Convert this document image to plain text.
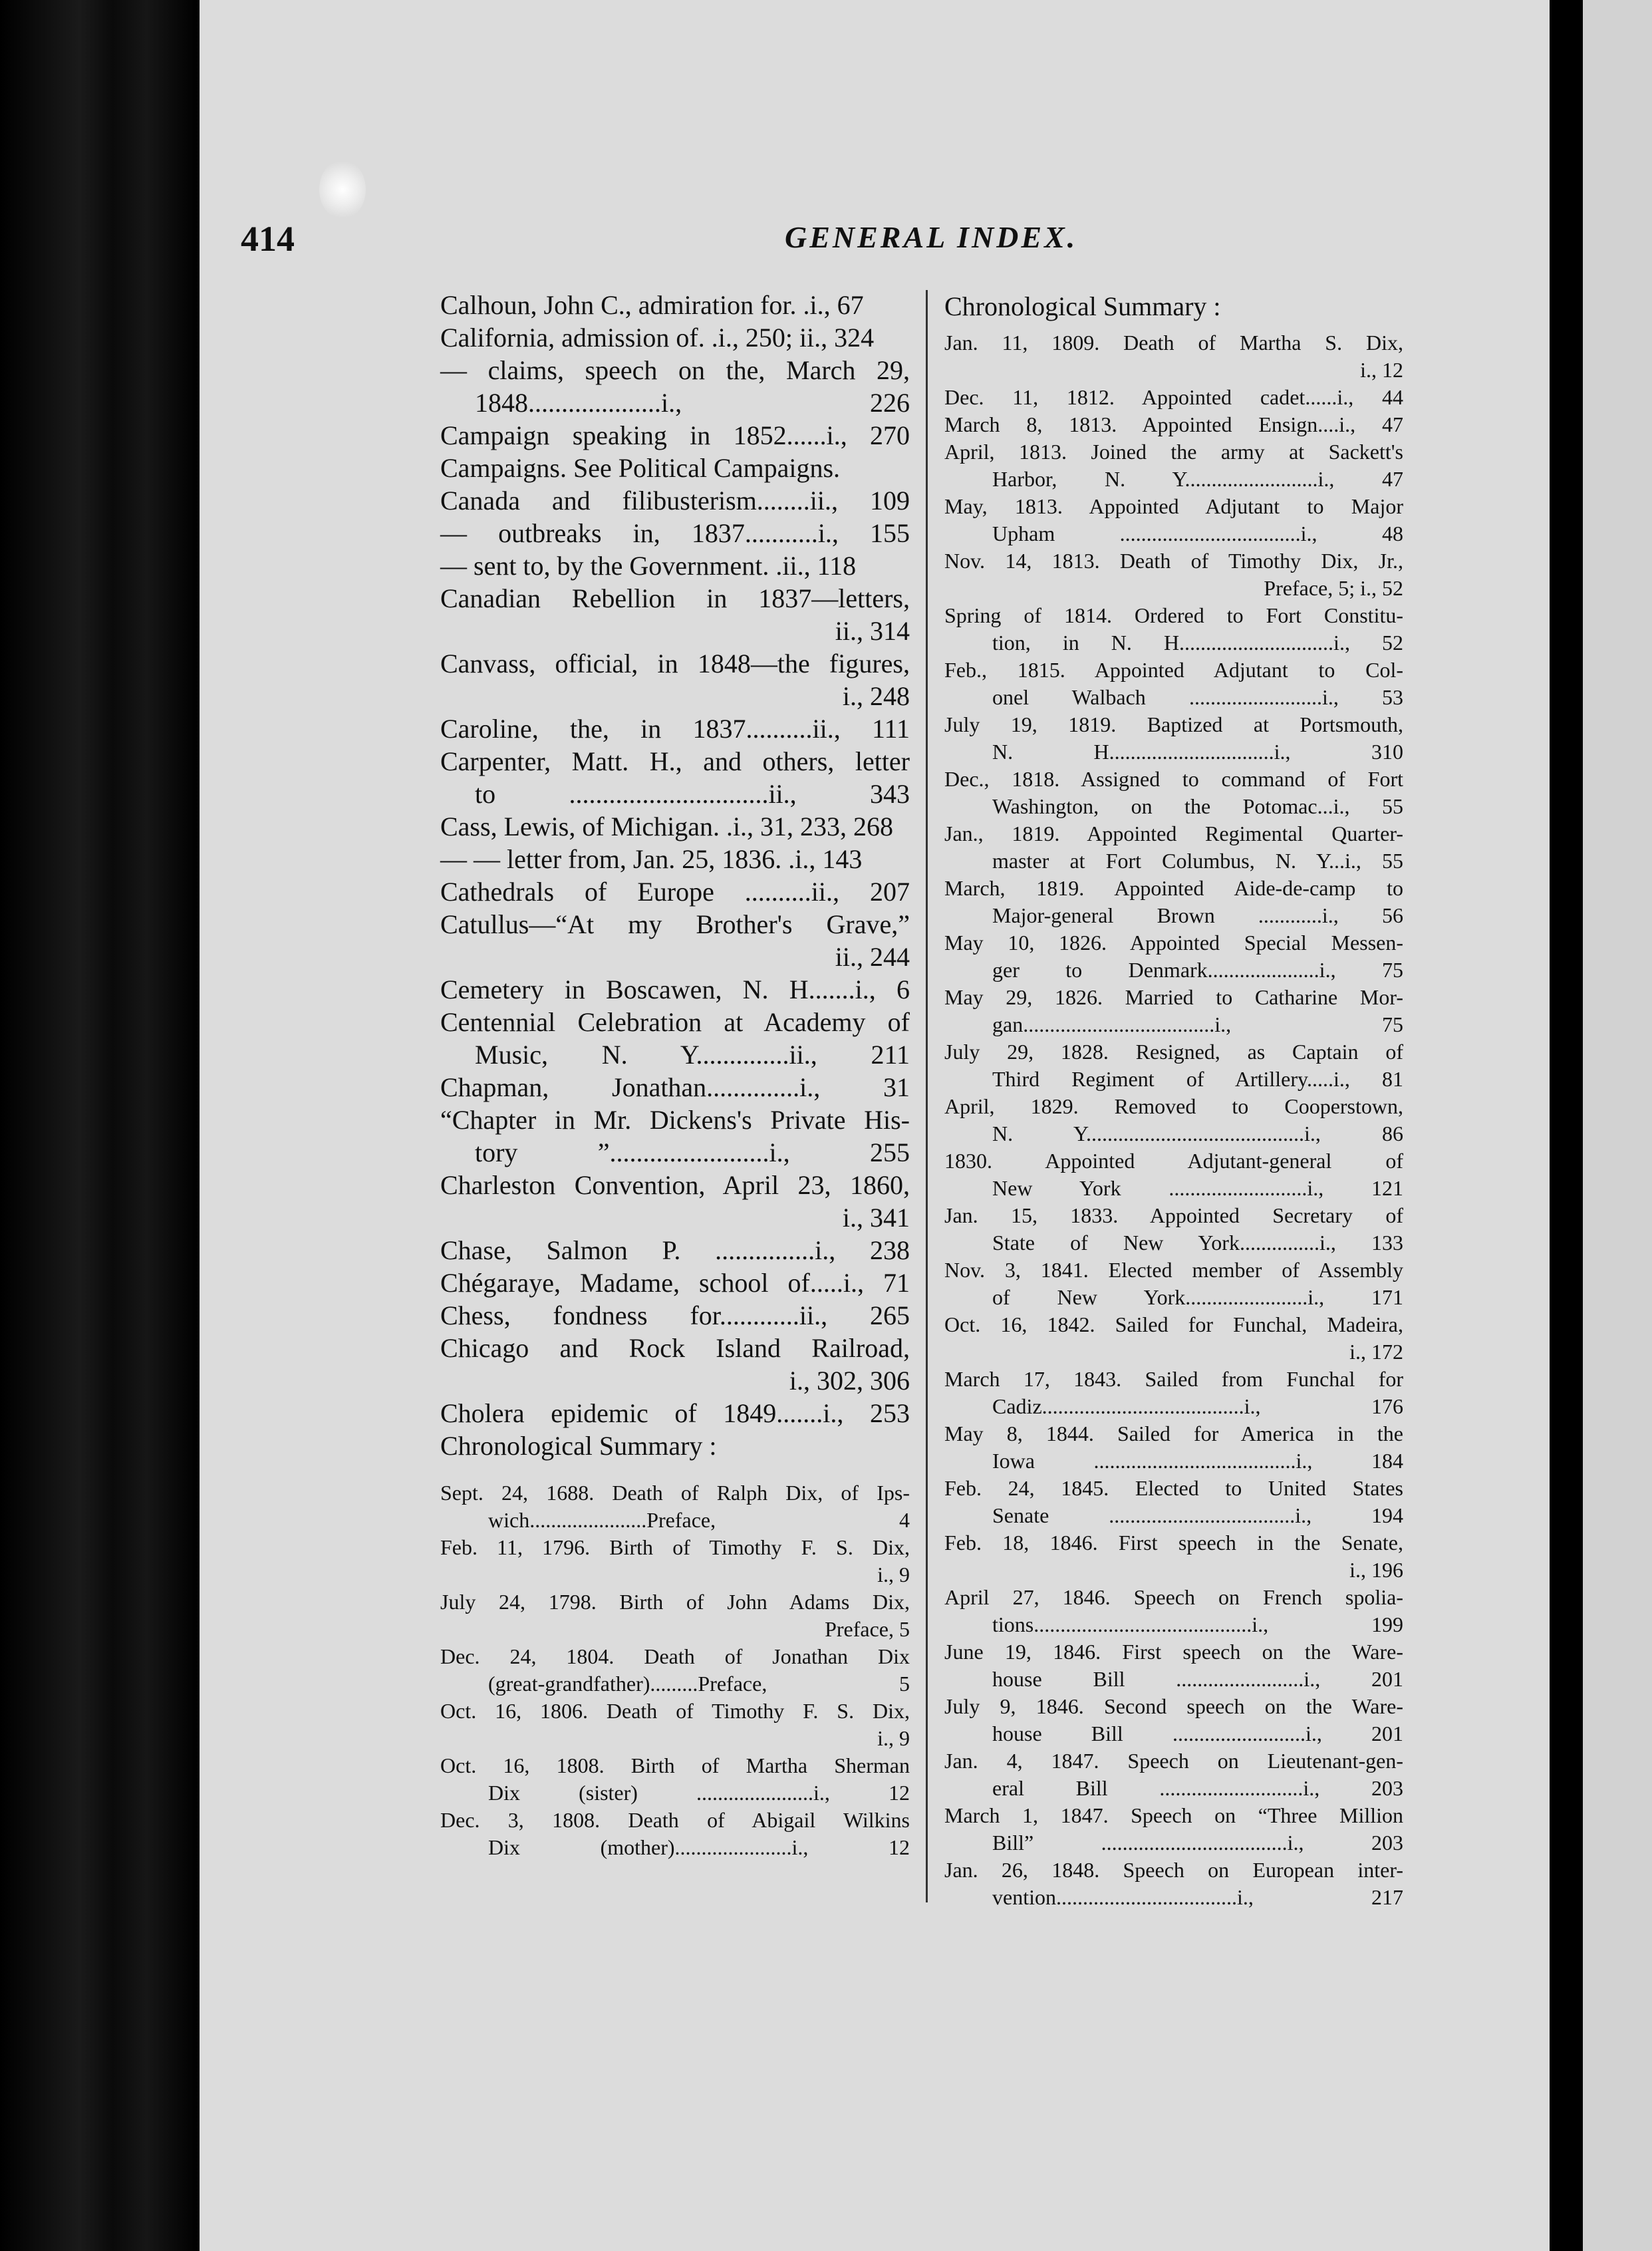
414	GENERAL INDEX.
Calhoun, John C., admiration for. .i., 67
California, admission of. .i., 250; ii., 324
— claims, speech on the, March 29,
1848....................i., 226
Campaign speaking in 1852......i., 270
Campaigns. See Political Campaigns.
Canada and filibusterism........ii., 109
— outbreaks in, 1837...........i., 155
— sent to, by the Government. .ii., 118
Canadian Rebellion in 1837—letters,
ii., 314
Canvass, official, in 1848—the figures,
i., 248
Caroline, the, in 1837..........ii., 111
Carpenter, Matt. H., and others, letter
to ..............................ii., 343
Cass, Lewis, of Michigan. .i., 31, 233, 268
— — letter from, Jan. 25, 1836. .i., 143
Cathedrals of Europe ..........ii., 207
Catullus—“At my Brother's Grave,”
ii., 244
Cemetery in Boscawen, N. H.......i., 6
Centennial Celebration at Academy of
Music, N. Y..............ii., 211
Chapman, Jonathan..............i., 31
“Chapter in Mr. Dickens's Private His-
tory ”........................i., 255
Charleston Convention, April 23, 1860,
i., 341
Chase, Salmon P. ...............i., 238
Chégaraye, Madame, school of.....i., 71
Chess, fondness for............ii., 265
Chicago and Rock Island Railroad,
i., 302, 306
Cholera epidemic of 1849.......i., 253
Chronological Summary :
Sept. 24, 1688. Death of Ralph Dix, of Ips-
wich......................Preface, 4
Feb. 11, 1796. Birth of Timothy F. S. Dix,
i., 9
July 24, 1798. Birth of John Adams Dix,
Preface, 5
Dec. 24, 1804. Death of Jonathan Dix
(great-grandfather).........Preface, 5
Oct. 16, 1806. Death of Timothy F. S. Dix,
i., 9
Oct. 16, 1808. Birth of Martha Sherman
Dix (sister) ......................i., 12
Dec. 3, 1808. Death of Abigail Wilkins
Dix (mother)......................i., 12
Chronological Summary :
Jan. 11, 1809. Death of Martha S. Dix,
i., 12
Dec. 11, 1812. Appointed cadet......i., 44
March 8, 1813. Appointed Ensign....i., 47
April, 1813. Joined the army at Sackett's
Harbor, N. Y.........................i., 47
May, 1813. Appointed Adjutant to Major
Upham ..................................i., 48
Nov. 14, 1813. Death of Timothy Dix, Jr.,
Preface, 5; i., 52
Spring of 1814. Ordered to Fort Constitu-
tion, in N. H.............................i., 52
Feb., 1815. Appointed Adjutant to Col-
onel Walbach .........................i., 53
July 19, 1819. Baptized at Portsmouth,
N. H...............................i., 310
Dec., 1818. Assigned to command of Fort
Washington, on the Potomac...i., 55
Jan., 1819. Appointed Regimental Quarter-
master at Fort Columbus, N. Y...i., 55
March, 1819. Appointed Aide-de-camp to
Major-general Brown ............i., 56
May 10, 1826. Appointed Special Messen-
ger to Denmark.....................i., 75
May 29, 1826. Married to Catharine Mor-
gan....................................i., 75
July 29, 1828. Resigned, as Captain of
Third Regiment of Artillery.....i., 81
April, 1829. Removed to Cooperstown,
N. Y.........................................i., 86
1830. Appointed Adjutant-general of
New York ..........................i., 121
Jan. 15, 1833. Appointed Secretary of
State of New York...............i., 133
Nov. 3, 1841. Elected member of Assembly
of New York.......................i., 171
Oct. 16, 1842. Sailed for Funchal, Madeira,
i., 172
March 17, 1843. Sailed from Funchal for
Cadiz......................................i., 176
May 8, 1844. Sailed for America in the
Iowa ......................................i., 184
Feb. 24, 1845. Elected to United States
Senate ...................................i., 194
Feb. 18, 1846. First speech in the Senate,
i., 196
April 27, 1846. Speech on French spolia-
tions.........................................i., 199
June 19, 1846. First speech on the Ware-
house Bill ........................i., 201
July 9, 1846. Second speech on the Ware-
house Bill .........................i., 201
Jan. 4, 1847. Speech on Lieutenant-gen-
eral Bill ...........................i., 203
March 1, 1847. Speech on “Three Million
Bill” ...................................i., 203
Jan. 26, 1848. Speech on European inter-
vention..................................i., 217
